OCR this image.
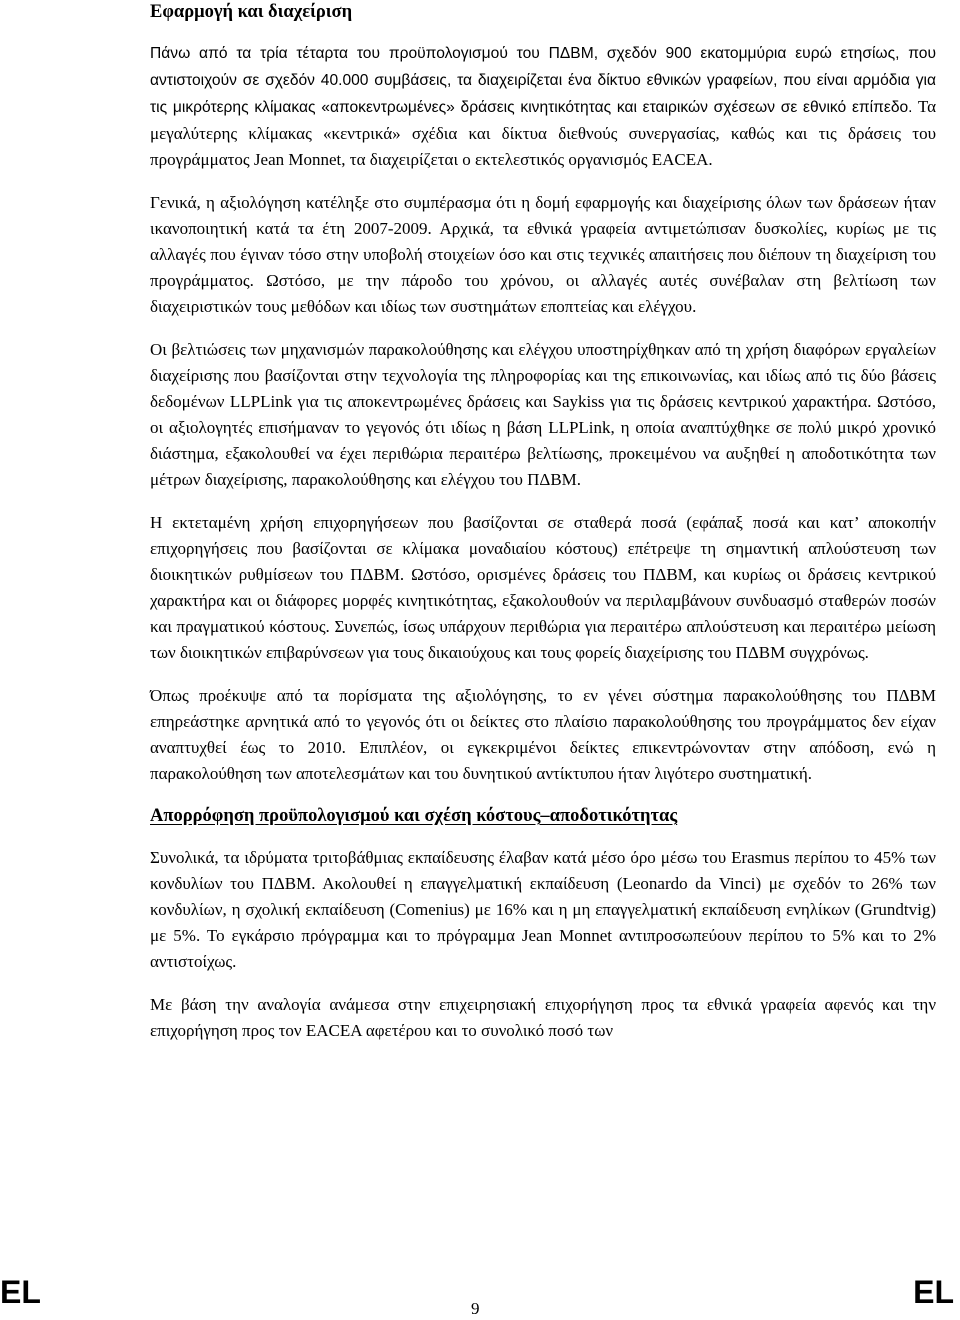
Εφαρμογή και διαχείριση

Πάνω από τα τρία τέταρτα του προϋπολογισμού του ΠΔΒΜ, σχεδόν 900 εκατομμύρια ευρώ ετησίως, που αντιστοιχούν σε σχεδόν 40.000 συμβάσεις, τα διαχειρίζεται ένα δίκτυο εθνικών γραφείων, που είναι αρμόδια για τις μικρότερης κλίμακας «αποκεντρωμένες» δράσεις κινητικότητας και εταιρικών σχέσεων σε εθνικό επίπεδο. Τα μεγαλύτερης κλίμακας «κεντρικά» σχέδια και δίκτυα διεθνούς συνεργασίας, καθώς και τις δράσεις του προγράμματος Jean Monnet, τα διαχειρίζεται ο εκτελεστικός οργανισμός EACEA.

Γενικά, η αξιολόγηση κατέληξε στο συμπέρασμα ότι η δομή εφαρμογής και διαχείρισης όλων των δράσεων ήταν ικανοποιητική κατά τα έτη 2007-2009. Αρχικά, τα εθνικά γραφεία αντιμετώπισαν δυσκολίες, κυρίως με τις αλλαγές που έγιναν τόσο στην υποβολή στοιχείων όσο και στις τεχνικές απαιτήσεις που διέπουν τη διαχείριση του προγράμματος. Ωστόσο, με την πάροδο του χρόνου, οι αλλαγές αυτές συνέβαλαν στη βελτίωση των διαχειριστικών τους μεθόδων και ιδίως των συστημάτων εποπτείας και ελέγχου.

Οι βελτιώσεις των μηχανισμών παρακολούθησης και ελέγχου υποστηρίχθηκαν από τη χρήση διαφόρων εργαλείων διαχείρισης που βασίζονται στην τεχνολογία της πληροφορίας και της επικοινωνίας, και ιδίως από τις δύο βάσεις δεδομένων LLPLink για τις αποκεντρωμένες δράσεις και Saykiss για τις δράσεις κεντρικού χαρακτήρα. Ωστόσο, οι αξιολογητές επισήμαναν το γεγονός ότι ιδίως η βάση LLPLink, η οποία αναπτύχθηκε σε πολύ μικρό χρονικό διάστημα, εξακολουθεί να έχει περιθώρια περαιτέρω βελτίωσης, προκειμένου να αυξηθεί η αποδοτικότητα των μέτρων διαχείρισης, παρακολούθησης και ελέγχου του ΠΔΒΜ.

Η εκτεταμένη χρήση επιχορηγήσεων που βασίζονται σε σταθερά ποσά (εφάπαξ ποσά και κατ’ αποκοπήν επιχορηγήσεις που βασίζονται σε κλίμακα μοναδιαίου κόστους) επέτρεψε τη σημαντική απλούστευση των διοικητικών ρυθμίσεων του ΠΔΒΜ. Ωστόσο, ορισμένες δράσεις του ΠΔΒΜ, και κυρίως οι δράσεις κεντρικού χαρακτήρα και οι διάφορες μορφές κινητικότητας, εξακολουθούν να περιλαμβάνουν συνδυασμό σταθερών ποσών και πραγματικού κόστους. Συνεπώς, ίσως υπάρχουν περιθώρια για περαιτέρω απλούστευση και περαιτέρω μείωση των διοικητικών επιβαρύνσεων για τους δικαιούχους και τους φορείς διαχείρισης του ΠΔΒΜ συγχρόνως.

Όπως προέκυψε από τα πορίσματα της αξιολόγησης, το εν γένει σύστημα παρακολούθησης του ΠΔΒΜ επηρεάστηκε αρνητικά από το γεγονός ότι οι δείκτες στο πλαίσιο παρακολούθησης του προγράμματος δεν είχαν αναπτυχθεί έως το 2010. Επιπλέον, οι εγκεκριμένοι δείκτες επικεντρώνονταν στην απόδοση, ενώ η παρακολούθηση των αποτελεσμάτων και του δυνητικού αντίκτυπου ήταν λιγότερο συστηματική.

Απορρόφηση προϋπολογισμού και σχέση κόστους–αποδοτικότητας

Συνολικά, τα ιδρύματα τριτοβάθμιας εκπαίδευσης έλαβαν κατά μέσο όρο μέσω του Erasmus περίπου το 45% των κονδυλίων του ΠΔΒΜ. Ακολουθεί η επαγγελματική εκπαίδευση (Leonardo da Vinci) με σχεδόν το 26% των κονδυλίων, η σχολική εκπαίδευση (Comenius) με 16% και η μη επαγγελματική εκπαίδευση ενηλίκων (Grundtvig) με 5%. Το εγκάρσιο πρόγραμμα και το πρόγραμμα Jean Monnet αντιπροσωπεύουν περίπου το 5% και το 2% αντιστοίχως.

Με βάση την αναλογία ανάμεσα στην επιχειρησιακή επιχορήγηση προς τα εθνικά γραφεία αφενός και την επιχορήγηση προς τον EACEA αφετέρου και το συνολικό ποσό των

EL	9	EL
